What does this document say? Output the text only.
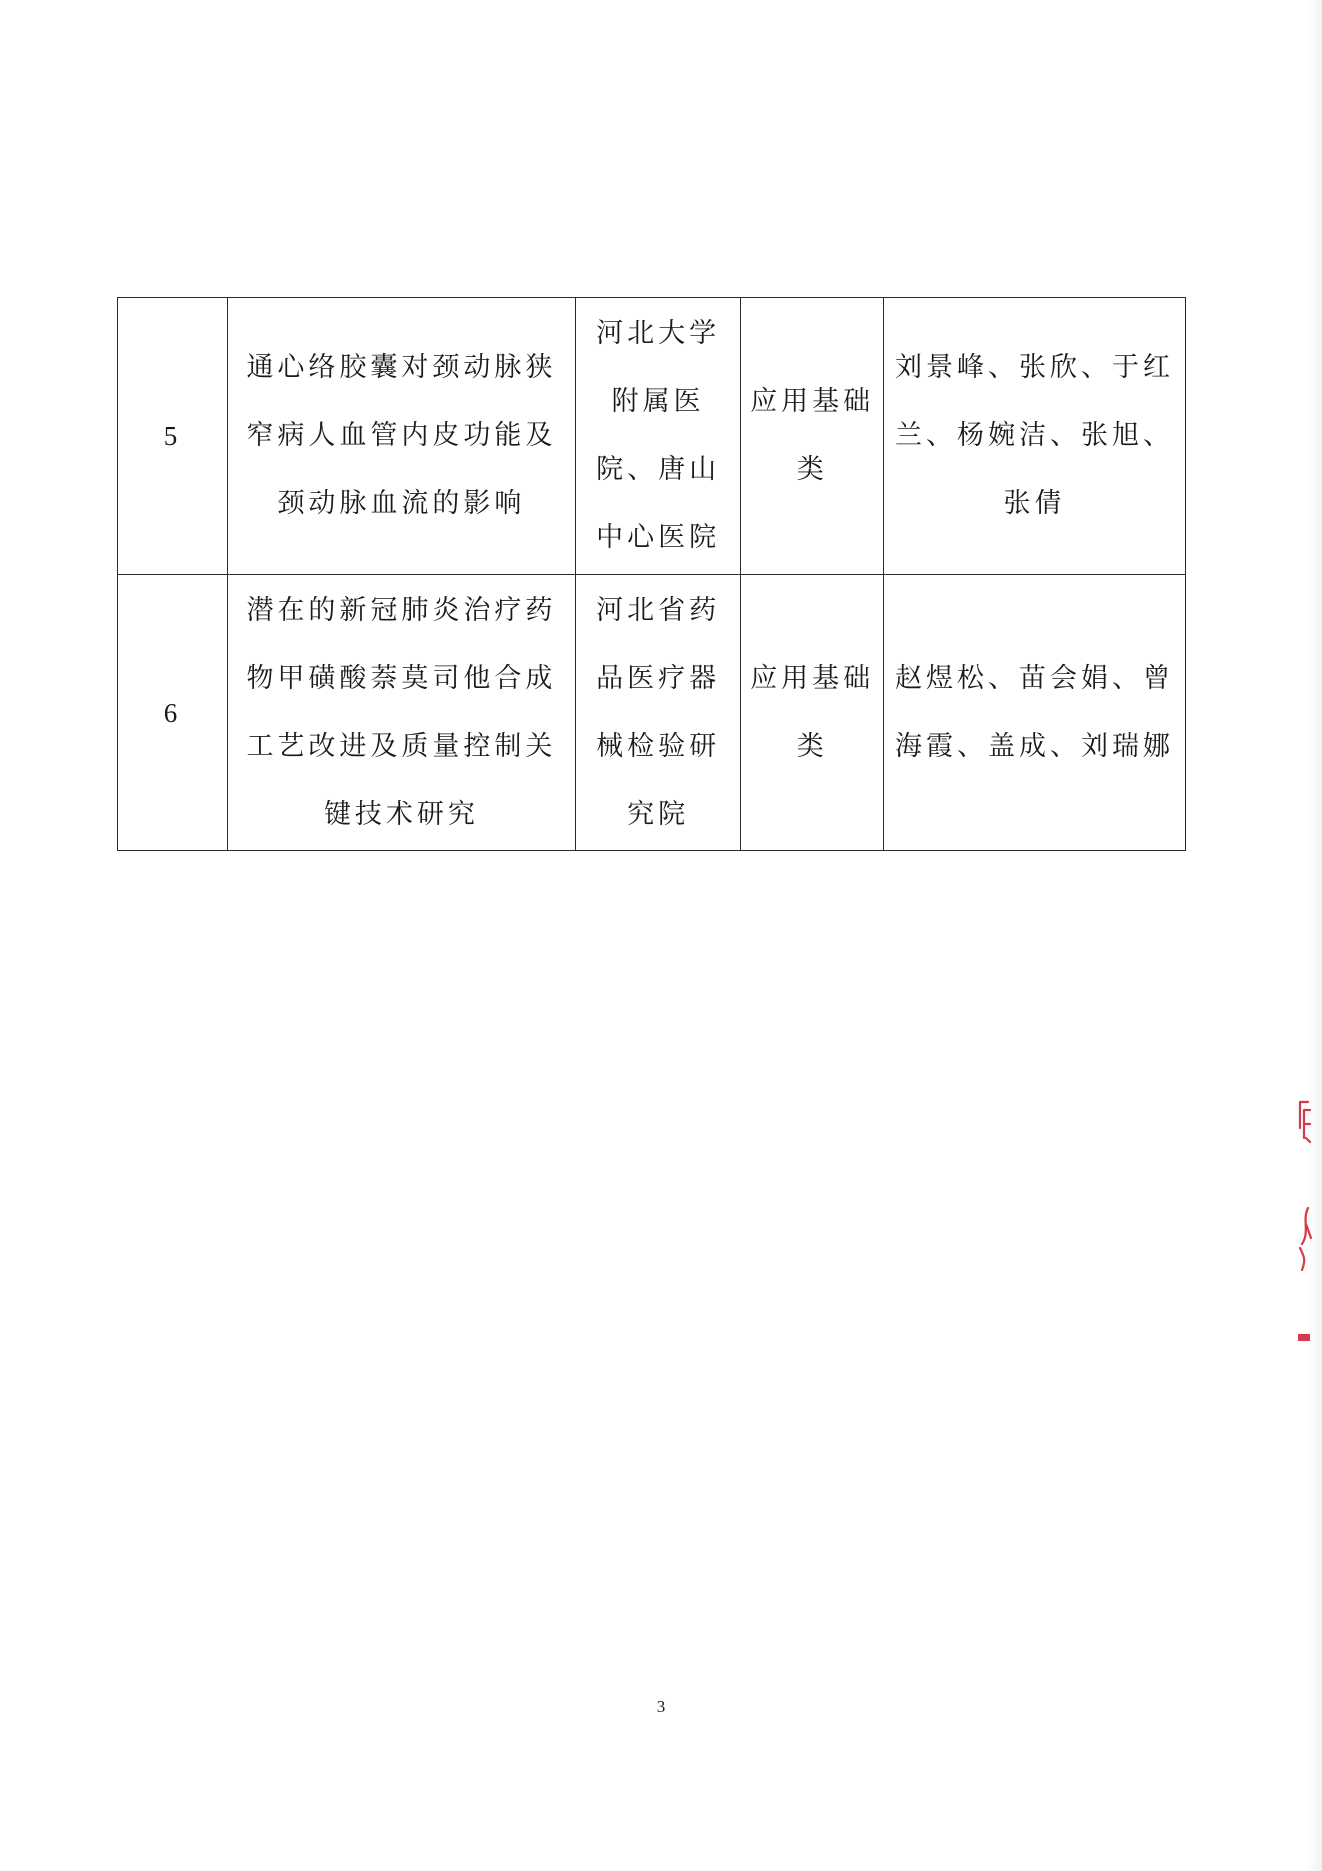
5	通心络胶囊对颈动脉狭窄病人血管内皮功能及颈动脉血流的影响	河北大学附属医院、唐山中心医院	应用基础类	刘景峰、张欣、于红兰、杨婉洁、张旭、张倩
6	潜在的新冠肺炎治疗药物甲磺酸萘莫司他合成工艺改进及质量控制关键技术研究	河北省药品医疗器械检验研究院	应用基础类	赵煜松、苗会娟、曾海霞、盖成、刘瑞娜
3
